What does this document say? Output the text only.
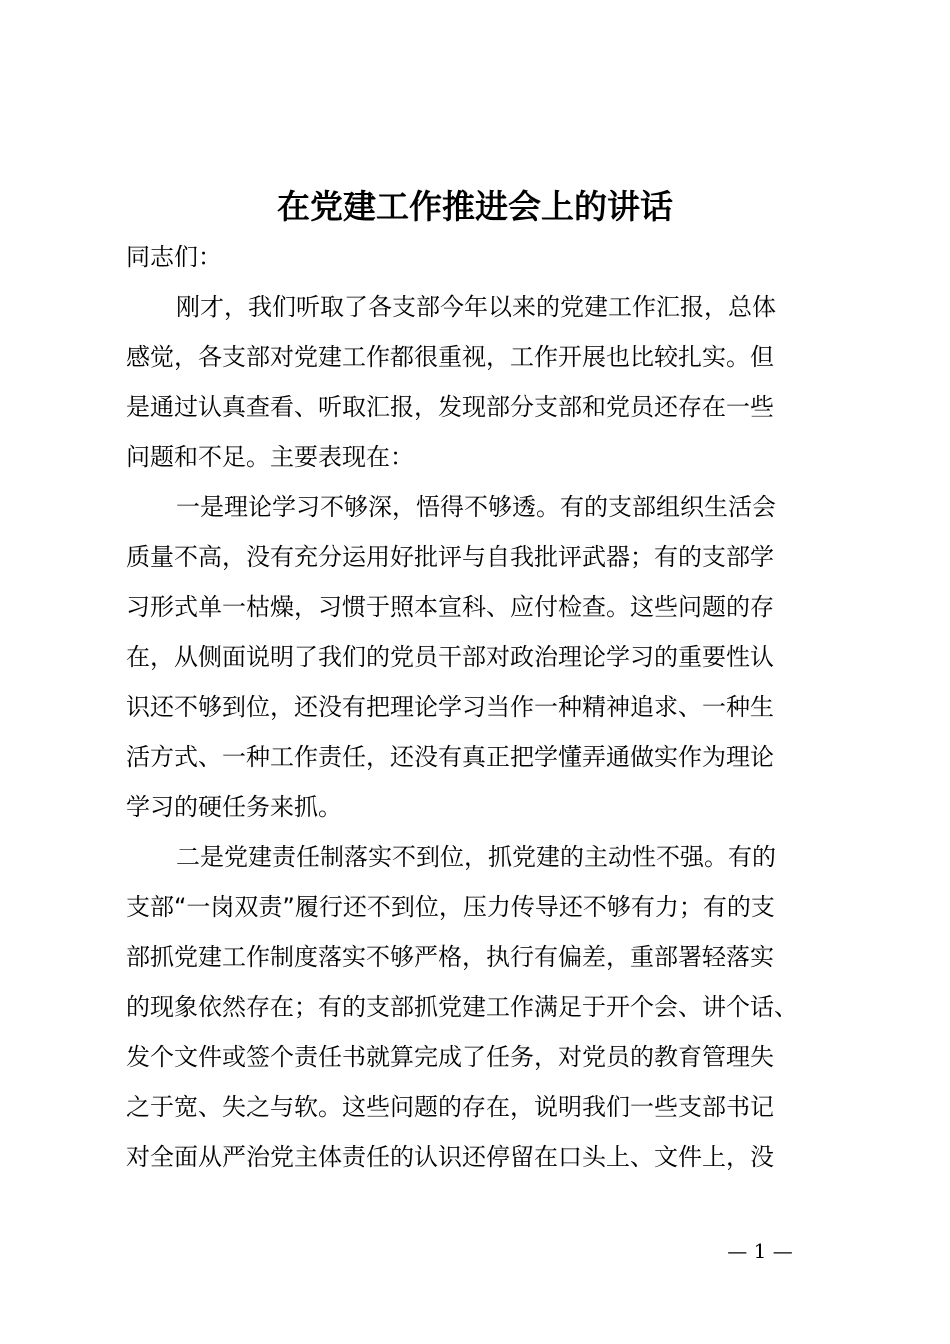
在党建工作推进会上的讲话
同志们：
刚才，我们听取了各支部今年以来的党建工作汇报，总体
感觉，各支部对党建工作都很重视，工作开展也比较扎实。但
是通过认真查看、听取汇报，发现部分支部和党员还存在一些
问题和不足。主要表现在：
一是理论学习不够深，悟得不够透。有的支部组织生活会
质量不高，没有充分运用好批评与自我批评武器；有的支部学
习形式单一枯燥，习惯于照本宣科、应付检查。这些问题的存
在，从侧面说明了我们的党员干部对政治理论学习的重要性认
识还不够到位，还没有把理论学习当作一种精神追求、一种生
活方式、一种工作责任，还没有真正把学懂弄通做实作为理论
学习的硬任务来抓。
二是党建责任制落实不到位，抓党建的主动性不强。有的
支部“一岗双责”履行还不到位，压力传导还不够有力；有的支
部抓党建工作制度落实不够严格，执行有偏差，重部署轻落实
的现象依然存在；有的支部抓党建工作满足于开个会、讲个话、
发个文件或签个责任书就算完成了任务，对党员的教育管理失
之于宽、失之与软。这些问题的存在，说明我们一些支部书记
对全面从严治党主体责任的认识还停留在口头上、文件上，没
— 1 —
